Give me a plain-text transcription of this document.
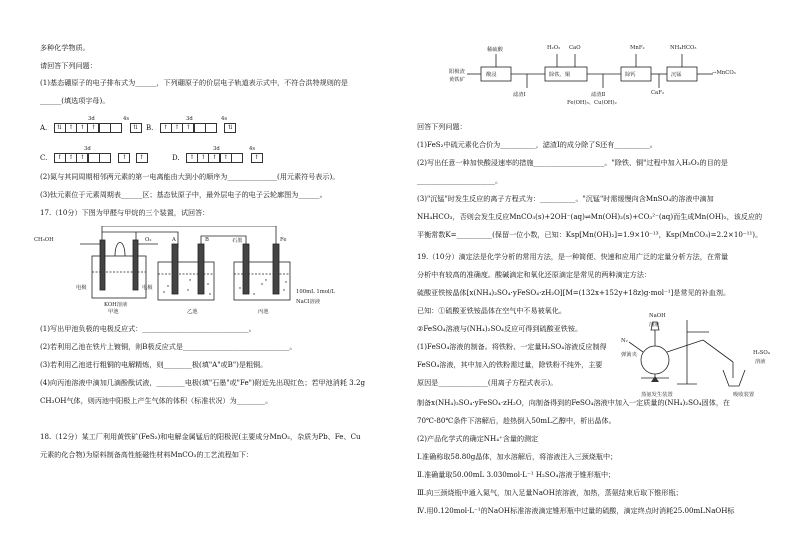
多种化学物质。
请回答下列问题：
(1)基态硼原子的电子排布式为______，下列硼原子的价层电子轨道表示式中，不符合洪特规则的是
______(填选项字母)。
A. ⇅ ↑ ↑ ↑	⇅
3d	4s
B. ↑ ↑ ↑	⇅
3d	4s
C. ↑ ↑ ↑	↑ ↑
3d
D. ↑ ↑ ↑ ↑	↑
3d	4s
(2)氮与其同周期相邻两元素的第一电离能由大到小的顺序为______________(用元素符号表示)。
(3)钛元素位于元素周期表______区；基态钛原子中，最外层电子的电子云轮廓图为______。
17.（10分）下图为甲醛与甲烷的三个装置，试回答：
CH₃OH	O₂	A	B	石墨	Fe
电极	电极
KOH溶液
甲池	乙池	丙池
100mL 1mol/L
NaCl溶液
(1)写出甲池负极的电极反应式：______________________________。
(2)若利用乙池在铁片上镀铜，则B极反应式是______________________________。
(3)若利用乙池进行粗铜的电解精炼，则________极(填"A"或B")是粗铜。
(4)向丙池溶液中滴加几滴酚酞试液，________电极(填"石墨"或"Fe")附近先出现红色；若甲池消耗 3.2g
CH₃OH气体，则丙池中阳极上产生气体的体积（标准状况）为________。
18.（12分）某工厂利用黄铁矿(FeS₂)和电解金属锰后的阳极泥(主要成分MnO₂，杂质为Pb、Fe、Cu
元素的化合物)为原料制备高性能磁性材料MnCO₃的工艺流程如下：
阳极渣
黄铁矿
稀硫酸	H₂O₂ CaO	MnF₂	NH₄HCO₃
酸浸	除铁、铜	除钙	沉锰	→MnCO₃
滤渣Ⅰ	滤渣Ⅱ
Fe(OH)₃、Cu(OH)₂
CaF₂
回答下列问题：
(1)FeS₂中硫元素化合价为__________，滤渣Ⅰ的成分除了S还有__________。
(2)写出任意一种加快酸浸速率的措施____________________。"除铁、铜"过程中加入H₂O₂的目的是
______________________。
(3)"沉锰"时发生反应的离子方程式为：__________。"沉锰"时需缓慢向含MnSO₄的溶液中滴加
NH₄HCO₃，否则会发生反应MnCO₃(s)+2OH⁻(aq)⇌Mn(OH)₂(s)+CO₃²⁻(aq)而生成Mn(OH)₂，该反应的
平衡常数K=__________(保留一位小数，已知：Ksp[Mn(OH)₂]=1.9×10⁻¹³，Ksp(MnCO₃)=2.2×10⁻¹¹)。
19.（10分）滴定法是化学分析的常用方法，是一种简便、快速和应用广泛的定量分析方法，在常量
分析中有较高的准确度。酸碱滴定和氧化还原滴定是常见的两种滴定方法：
硫酸亚铁铵晶体[x(NH₄)₂SO₄·yFeSO₄·zH₂O][M=(132x+152y+18z)g·mol⁻¹]是常见的补血剂。
已知：①硫酸亚铁铵晶体在空气中不易被氧化。
②FeSO₄溶液与(NH₄)₂SO₄反应可得到硫酸亚铁铵。
(1)FeSO₄溶液的制备。将铁粉、一定量H₂SO₄溶液反应制得
FeSO₄溶液，其中加入的铁粉需过量，除铁粉不纯外，主要
原因是______________(用离子方程式表示)。
NaOH
溶液
N₂
弹簧夹
蒸氨发生装置
H₂SO₄
溶液
吸收装置
制备x(NH₄)₂SO₄·yFeSO₄·zH₂O，向制备得到的FeSO₄溶液中加入一定质量的(NH₄)₂SO₄固体，在
70℃-80℃条件下溶解后，趁热倒入50mL乙醇中，析出晶体。
(2)产品化学式的确定NH₄⁺含量的测定
Ⅰ.准确称取58.80g晶体，加水溶解后，将溶液注入三颈烧瓶中；
Ⅱ.准确量取50.00mL 3.030mol·L⁻¹ H₂SO₄溶液于锥形瓶中；
Ⅲ.向三颈烧瓶中通入氮气，加入足量NaOH浓溶液，加热，蒸氨结束后取下锥形瓶；
Ⅳ.用0.120mol·L⁻¹的NaOH标准溶液滴定锥形瓶中过量的硫酸，滴定终点时消耗25.00mLNaOH标
